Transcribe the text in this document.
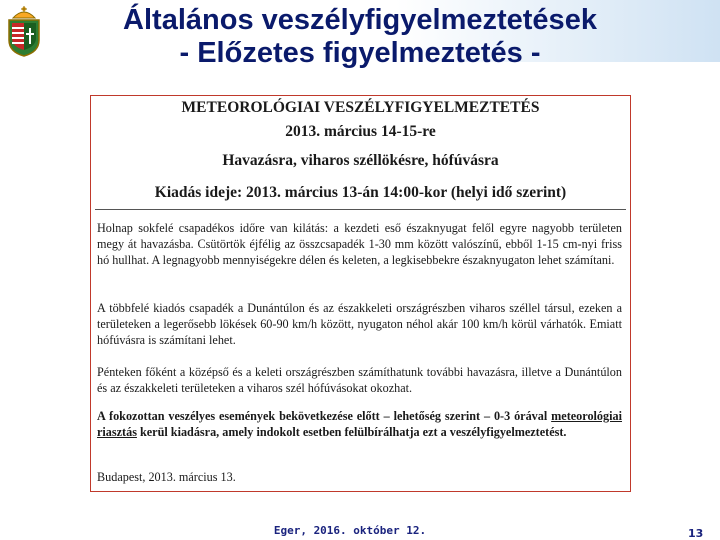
Általános veszélyfigyelmeztetések
- Előzetes figyelmeztetés -
METEOROLÓGIAI VESZÉLYFIGYELMEZTETÉS
2013. március 14-15-re
Havazásra, viharos széllökésre, hófúvásra
Kiadás ideje: 2013. március 13-án 14:00-kor (helyi idő szerint)

Holnap sokfelé csapadékos időre van kilátás: a kezdeti eső északnyugat felől egyre nagyobb területen megy át havazásba. Csütörtök éjfélig az összcsapadék 1-30 mm között valószínű, ebből 1-15 cm-nyi friss hó hullhat. A legnagyobb mennyiségekre délen és keleten, a legkisebbekre északnyugaton lehet számítani.

A többfelé kiadós csapadék a Dunántúlon és az északkeleti országrészben viharos széllel társul, ezeken a területeken a legerősebb lökések 60-90 km/h között, nyugaton néhol akár 100 km/h körül várhatók. Emiatt hófúvásra is számítani lehet.

Pénteken főként a középső és a keleti országrészben számíthatunk további havazásra, illetve a Dunántúlon és az északkeleti területeken a viharos szél hófúvásokat okozhat.

A fokozottan veszélyes események bekövetkezése előtt – lehetőség szerint – 0-3 órával meteorológiai riasztás kerül kiadásra, amely indokolt esetben felülbírálhatja ezt a veszélyfigyelmeztetést.

Budapest, 2013. március 13.
Eger, 2016. október 12.	13
